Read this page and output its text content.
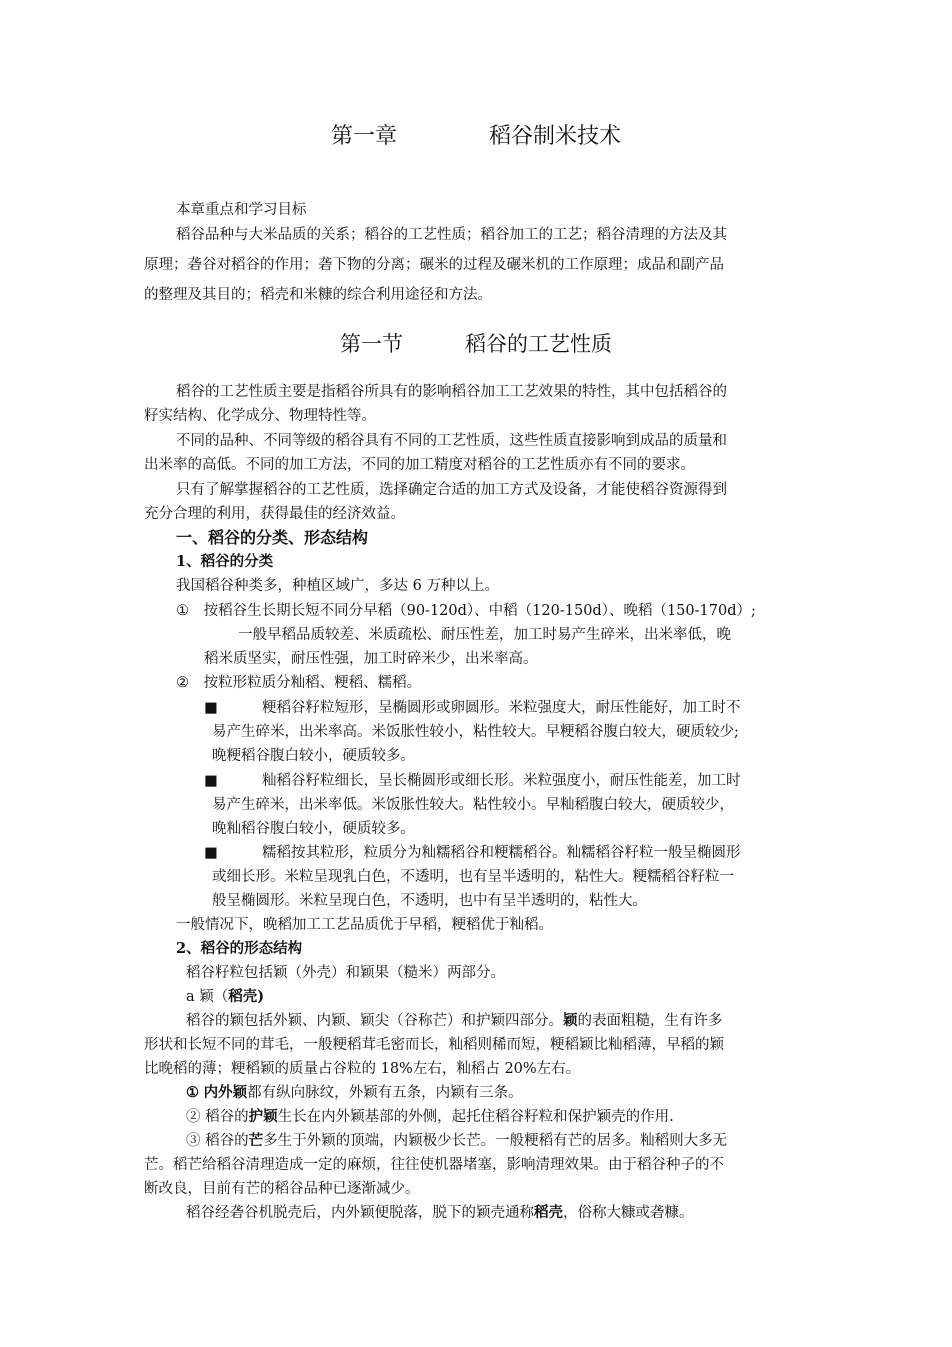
第一章	稻谷制米技术
本章重点和学习目标
稻谷品种与大米品质的关系；稻谷的工艺性质；稻谷加工的工艺；稻谷清理的方法及其
原理；砻谷对稻谷的作用；砻下物的分离；碾米的过程及碾米机的工作原理；成品和副产品
的整理及其目的；稻壳和米糠的综合利用途径和方法。
第一节	稻谷的工艺性质
稻谷的工艺性质主要是指稻谷所具有的影响稻谷加工工艺效果的特性，其中包括稻谷的
籽实结构、化学成分、物理特性等。
不同的品种、不同等级的稻谷具有不同的工艺性质，这些性质直接影响到成品的质量和
出米率的高低。不同的加工方法，不同的加工精度对稻谷的工艺性质亦有不同的要求。
只有了解掌握稻谷的工艺性质，选择确定合适的加工方式及设备，才能使稻谷资源得到
充分合理的利用，获得最佳的经济效益。
一、稻谷的分类、形态结构
1、稻谷的分类
我国稻谷种类多，种植区域广，多达 6 万种以上。
① 按稻谷生长期长短不同分早稻（90-120d）、中稻（120-150d）、晚稻（150-170d）;
一般早稻品质较差、米质疏松、耐压性差，加工时易产生碎米，出米率低，晚
稻米质坚实，耐压性强，加工时碎米少，出米率高。
② 按粒形粒质分籼稻、粳稻、糯稻。
■	粳稻谷籽粒短形，呈椭圆形或卵圆形。米粒强度大，耐压性能好，加工时不
易产生碎米，出米率高。米饭胀性较小，粘性较大。早粳稻谷腹白较大，硬质较少;
晚粳稻谷腹白较小，硬质较多。
■	籼稻谷籽粒细长，呈长椭圆形或细长形。米粒强度小，耐压性能差，加工时
易产生碎米，出米率低。米饭胀性较大。粘性较小。早籼稻腹白较大，硬质较少，
晚籼稻谷腹白较小，硬质较多。
■	糯稻按其粒形，粒质分为籼糯稻谷和粳糯稻谷。籼糯稻谷籽粒一般呈椭圆形
或细长形。米粒呈现乳白色，不透明，也有呈半透明的，粘性大。粳糯稻谷籽粒一
般呈椭圆形。米粒呈现白色，不透明，也中有呈半透明的，粘性大。
一般情况下，晚稻加工工艺品质优于早稻，粳稻优于籼稻。
2、稻谷的形态结构
稻谷籽粒包括颖（外壳）和颖果（糙米）两部分。
a 颖（稻壳)
稻谷的颖包括外颖、内颖、颖尖（谷称芒）和护颖四部分。颖的表面粗糙，生有许多
形状和长短不同的茸毛，一般粳稻茸毛密而长，籼稻则稀而短，粳稻颖比籼稻薄，早稻的颖
比晚稻的薄；粳稻颖的质量占谷粒的 18%左右，籼稻占 20%左右。
① 内外颖都有纵向脉纹，外颖有五条，内颖有三条。
② 稻谷的护颖生长在内外颖基部的外侧，起托住稻谷籽粒和保护颖壳的作用.
③ 稻谷的芒多生于外颖的顶端，内颖极少长芒。一般粳稻有芒的居多。籼稻则大多无
芒。稻芒给稻谷清理造成一定的麻烦，往往使机器堵塞，影响清理效果。由于稻谷种子的不
断改良，目前有芒的稻谷品种已逐渐减少。
稻谷经砻谷机脱壳后，内外颖便脱落，脱下的颖壳通称稻壳，俗称大糠或砻糠。
